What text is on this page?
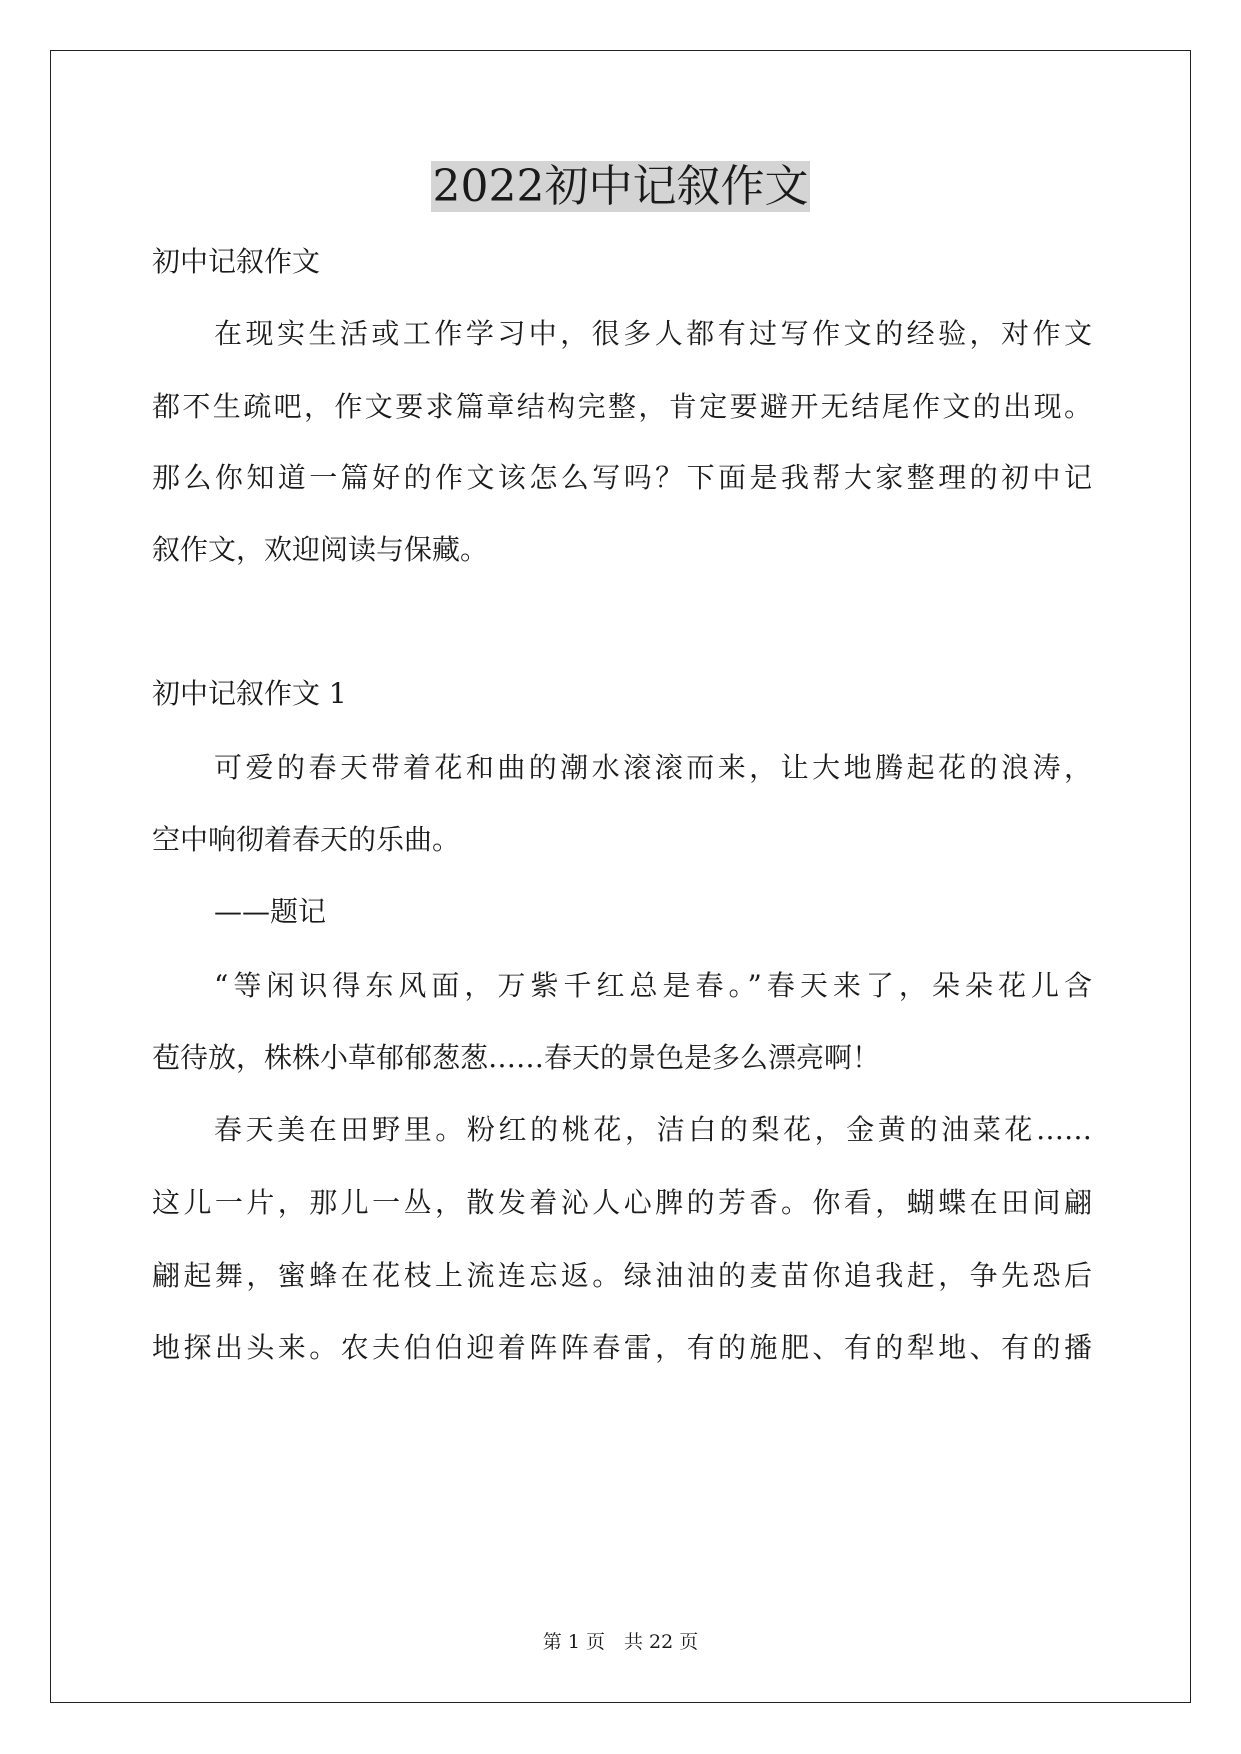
2022初中记叙作文
初中记叙作文
在现实生活或工作学习中，很多人都有过写作文的经验，对作文
都不生疏吧，作文要求篇章结构完整，肯定要避开无结尾作文的出现。
那么你知道一篇好的作文该怎么写吗？下面是我帮大家整理的初中记
叙作文，欢迎阅读与保藏。
初中记叙作文 1
可爱的春天带着花和曲的潮水滚滚而来，让大地腾起花的浪涛，
空中响彻着春天的乐曲。
——题记
“等闲识得东风面，万紫千红总是春。”春天来了，朵朵花儿含
苞待放，株株小草郁郁葱葱……春天的景色是多么漂亮啊！
春天美在田野里。粉红的桃花，洁白的梨花，金黄的油菜花……
这儿一片，那儿一丛，散发着沁人心脾的芳香。你看，蝴蝶在田间翩
翩起舞，蜜蜂在花枝上流连忘返。绿油油的麦苗你追我赶，争先恐后
地探出头来。农夫伯伯迎着阵阵春雷，有的施肥、有的犁地、有的播
第 1 页　共 22 页
